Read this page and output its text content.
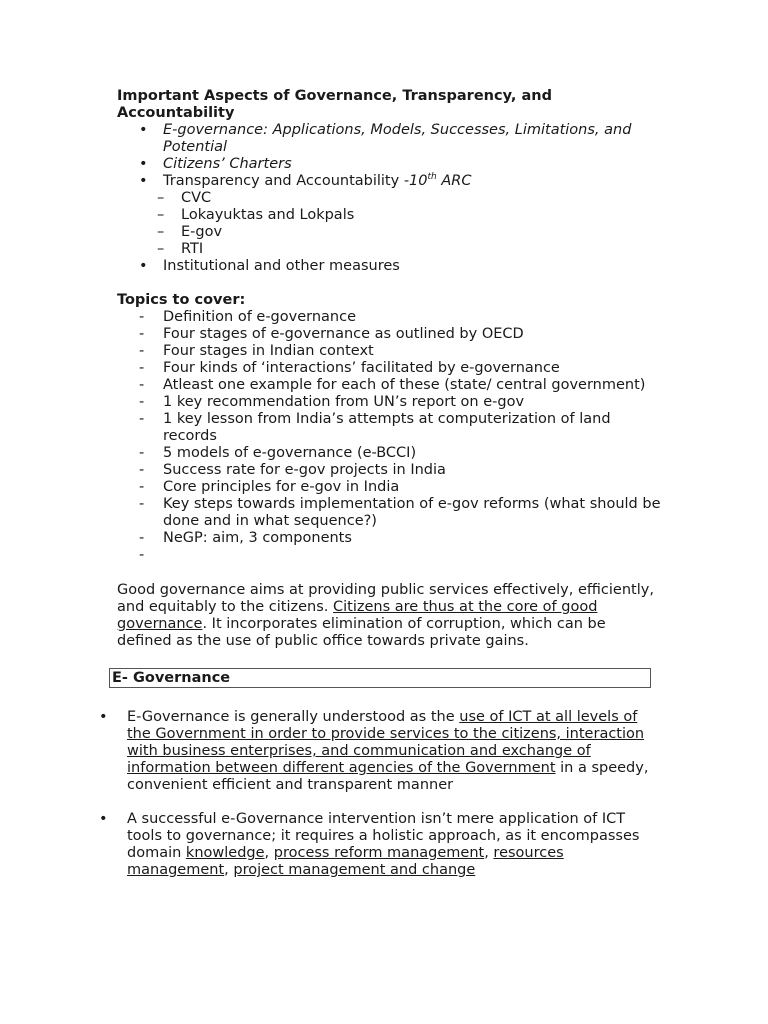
Important Aspects of Governance, Transparency, and Accountability

•	E-governance: Applications, Models, Successes, Limitations, and Potential
•	Citizens’ Charters
•	Transparency and Accountability -10th ARC
–	CVC
–	Lokayuktas and Lokpals
–	E-gov
–	RTI
•	Institutional and other measures

Topics to cover:

-	Definition of e-governance
-	Four stages of e-governance as outlined by OECD
-	Four stages in Indian context
-	Four kinds of ‘interactions’ facilitated by e-governance
-	Atleast one example for each of these (state/ central government)
-	1 key recommendation from UN’s report on e-gov
-	1 key lesson from India’s attempts at computerization of land records
-	5 models of e-governance (e-BCCI)
-	Success rate for e-gov projects in India
-	Core principles for e-gov in India
-	Key steps towards implementation of e-gov reforms (what should be done and in what sequence?)
-	NeGP: aim, 3 components
-

Good governance aims at providing public services effectively, efficiently, and equitably to the citizens. Citizens are thus at the core of good governance. It incorporates elimination of corruption, which can be defined as the use of public office towards private gains.

E- Governance
•	E-Governance is generally understood as the use of ICT at all levels of the Government in order to provide services to the citizens, interaction with business enterprises, and communication and exchange of information between different agencies of the Government in a speedy, convenient efficient and transparent manner
•	A successful e-Governance intervention isn’t mere application of ICT tools to governance; it requires a holistic approach, as it encompasses domain knowledge, process reform management, resources management, project management and change
